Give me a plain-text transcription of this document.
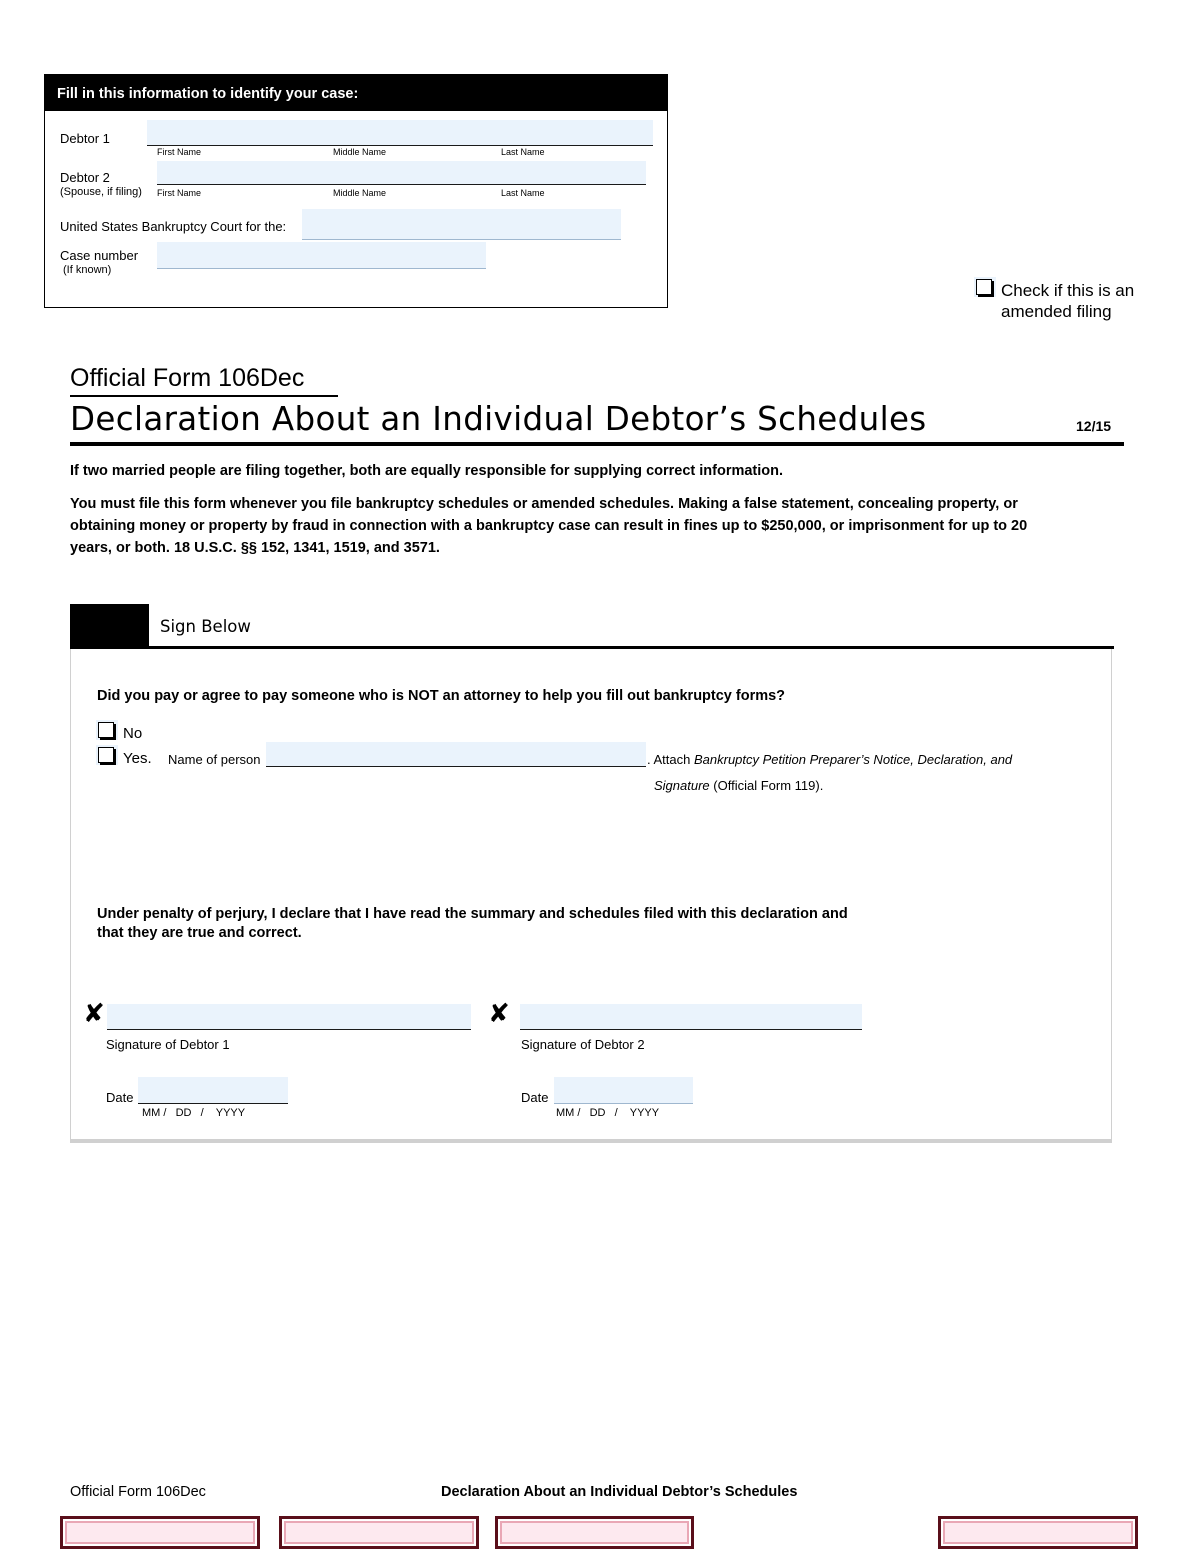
Fill in this information to identify your case:
Debtor 1
First Name	Middle Name	Last Name
Debtor 2
(Spouse, if filing) First Name	Middle Name	Last Name
United States Bankruptcy Court for the:
Case number
(If known)
Check if this is an
amended filing
Official Form 106Dec
Declaration About an Individual Debtor’s Schedules	12/15
If two married people are filing together, both are equally responsible for supplying correct information.
You must file this form whenever you file bankruptcy schedules or amended schedules. Making a false statement, concealing property, or
obtaining money or property by fraud in connection with a bankruptcy case can result in fines up to $250,000, or imprisonment for up to 20
years, or both. 18 U.S.C. §§ 152, 1341, 1519, and 3571.
Sign Below
Did you pay or agree to pay someone who is NOT an attorney to help you fill out bankruptcy forms?
No
Yes. Name of person	. Attach Bankruptcy Petition Preparer’s Notice, Declaration, and
Signature (Official Form 119).
Under penalty of perjury, I declare that I have read the summary and schedules filed with this declaration and
that they are true and correct.
✘
Signature of Debtor 1
✘
Signature of Debtor 2
Date
MM /   DD   /    YYYY
Date
MM /   DD   /    YYYY
Official Form 106Dec	Declaration About an Individual Debtor’s Schedules
